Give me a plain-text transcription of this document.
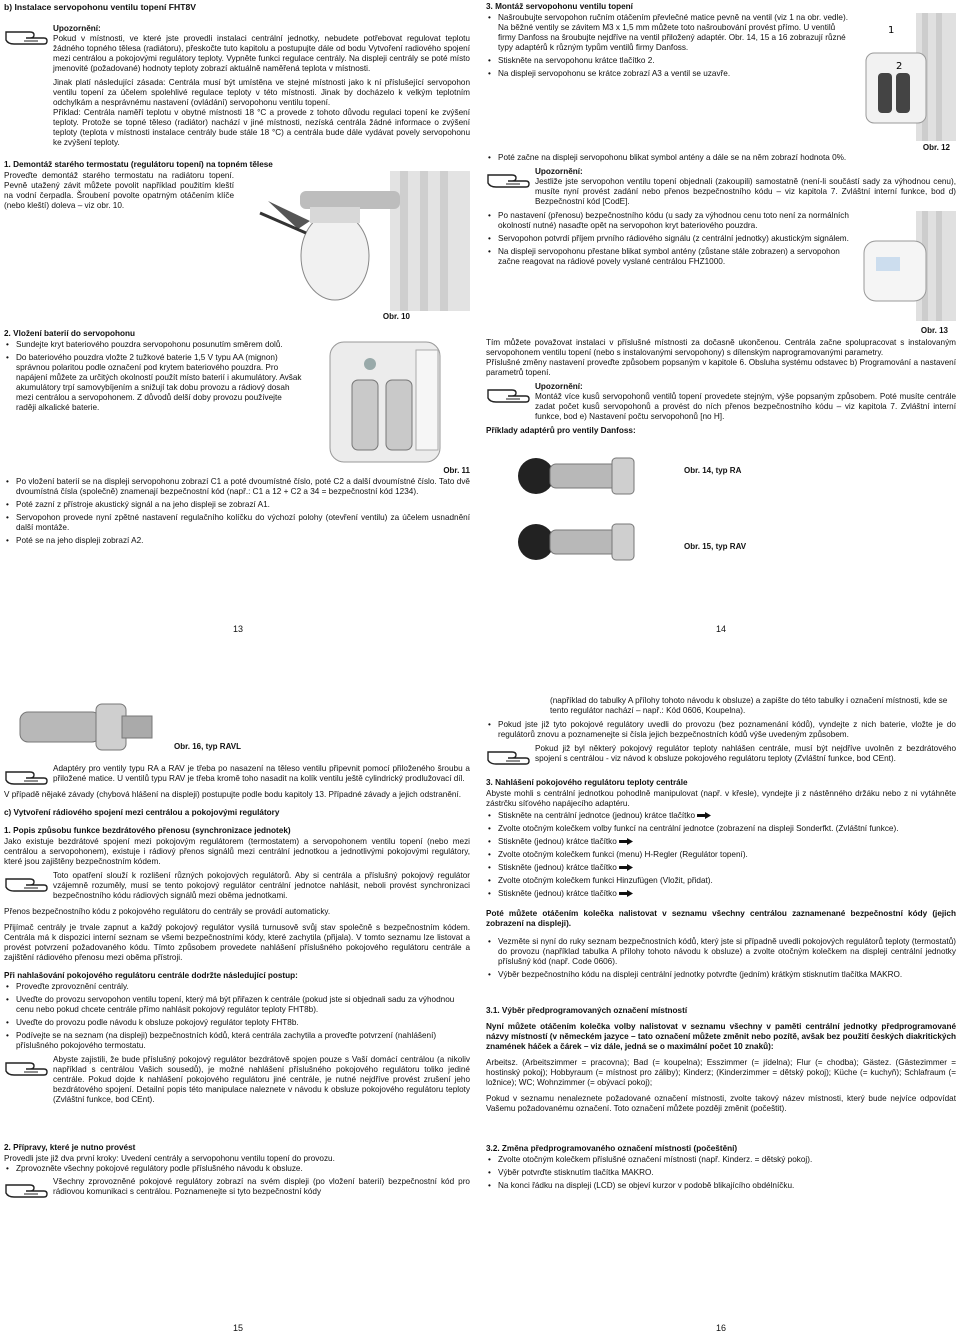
b) Instalace servopohonu ventilu topení FHT8V
Upozornění:

Pokud v místnosti, ve které jste provedli instalaci centrální jednotky, nebudete potřebovat regulovat teplotu žádného topného tělesa (radiátoru), přeskočte tuto kapitolu a postupujte dále od bodu Vytvoření radiového spojení mezi centrálou a pokojovými regulátory teploty. Vypněte funkci regulace centrály. Na displeji centrály se poté místo jmenovité (požadované) hodnoty teploty zobrazí aktuálně naměřená teplota v místnosti.

Jinak platí následující zásada: Centrála musí být umístěna ve stejné místnosti jako k ní příslušející servopohon ventilu topení za účelem spolehlivé regulace teploty v této místnosti. Jinak by docházelo k velkým teplotním odchylkám a nesprávnému nastavení (ovládání) servopohonu ventilu topení.

Příklad: Centrála naměří teplotu v obytné místnosti 18 °C a provede z tohoto důvodu regulaci topení ke zvýšení teploty. Protože se topné těleso (radiátor) nachází v jiné místnosti, nezíská centrála žádné informace o zvýšení teploty (teplota v místnosti instalace centrály bude stále 18 °C) a centrála bude dále vydávat povely servopohonu ke zvýšení teploty.

1. Demontáž starého termostatu (regulátoru topení) na topném tělese

Proveďte demontáž starého termostatu na radiátoru topení. Pevně utažený závit můžete povolit například použitím kleští na vodní čerpadla. Šroubení povolte opatrným otáčením klíče (nebo kleští) doleva – viz obr. 10.

Obr. 10
2. Vložení baterií do servopohonu
• Sundejte kryt bateriového pouzdra servopohonu posunutím směrem dolů.
• Do bateriového pouzdra vložte 2 tužkové baterie 1,5 V typu AA (mignon) správnou polaritou podle označení pod krytem bateriového pouzdra. Pro napájení můžete za určitých okolností použít místo baterií i akumulátory. Avšak akumulátory trpí samovybíjením a snižují tak dobu provozu a rádiový dosah mezi centrálou a servopohonem. Z důvodů delší doby provozu používejte raději alkalické baterie.
Obr. 11
• Po vložení baterií se na displeji servopohonu zobrazí C1 a poté dvoumístné číslo, poté C2 a další dvoumístné číslo. Tato dvě dvoumístná čísla (společně) znamenají bezpečnostní kód (např.: C1 a 12 + C2 a 34 = bezpečnostní kód 1234).
• Poté zazní z přístroje akustický signál a na jeho displeji se zobrazí A1.
• Servopohon provede nyní zpětné nastavení regulačního kolíčku do výchozí polohy (otevření ventilu) za účelem usnadnění další montáže.
• Poté se na jeho displeji zobrazí A2.
13
3. Montáž servopohonu ventilu topení
• Našroubujte servopohon ručním otáčením převlečné matice pevně na ventil (viz 1 na obr. vedle). Na běžné ventily se závitem M3 x 1,5 mm můžete toto našroubování provést přímo. U ventilů firmy Danfoss na šroubujte nejdříve na ventil přiložený adaptér. Obr. 14, 15 a 16 zobrazují různé typy adaptérů k různým typům ventilů firmy Danfoss.
• Stiskněte na servopohonu krátce tlačítko 2.
• Na displeji servopohonu se krátce zobrazí A3 a ventil se uzavře.
1
2
Obr. 12
• Poté začne na displeji servopohonu blikat symbol antény a dále se na něm zobrazí hodnota 0%.
Upozornění:

Jestliže jste servopohon ventilu topení objednali (zakoupili) samostatně (není-li součástí sady za výhodnou cenu), musíte nyní provést zadání nebo přenos bezpečnostního kódu – viz kapitola 7. Zvláštní interní funkce, bod d) Bezpečnostní kód [CodE].

• Po nastavení (přenosu) bezpečnostního kódu (u sady za výhodnou cenu toto není za normálních okolností nutné) nasaďte opět na servopohon kryt bateriového pouzdra.
• Servopohon potvrdí příjem prvního rádiového signálu (z centrální jednotky) akustickým signálem.
• Na displeji servopohonu přestane blikat symbol antény (zůstane stále zobrazen) a servopohon začne reagovat na rádiové povely vyslané centrálou FHZ1000.
Obr. 13

Tím můžete považovat instalaci v příslušné místnosti za dočasně ukončenou. Centrála začne spolupracovat s instalovaným servopohonem ventilu topení (nebo s instalovanými servopohony) s dílenským naprogramovanými parametry.

Příslušné změny nastavení proveďte způsobem popsaným v kapitole 6. Obsluha systému odstavec b) Programování a nastavení parametrů topení.

Upozornění:

Montáž více kusů servopohonů ventilů topení provedete stejným, výše popsaným způsobem. Poté musíte centrále zadat počet kusů servopohonů a provést do ních přenos bezpečnostního kódu – viz kapitola 7. Zvláštní interní funkce, bod e) Nastavení počtu servopohonů [no H].

Příklady adaptérů pro ventily Danfoss:
Obr. 14, typ RA
Obr. 15, typ RAV
14
Obr. 16, typ RAVL

Adaptéry pro ventily typu RA a RAV je třeba po nasazení na těleso ventilu připevnit pomocí přiloženého šroubu a přiložené matice. U ventilů typu RAV je třeba kromě toho nasadit na kolík ventilu ještě cylindrický prodlužovací díl.

V případě nějaké závady (chybová hlášení na displeji) postupujte podle bodu kapitoly 13. Případné závady a jejich odstranění.

c) Vytvoření rádiového spojení mezi centrálou a pokojovými regulátory
1. Popis způsobu funkce bezdrátového přenosu (synchronizace jednotek)

Jako existuje bezdrátové spojení mezi pokojovým regulátorem (termostatem) a servopohonem ventilu topení (nebo mezi centrálou a servopohonem), existuje i rádiový přenos signálů mezi centrální jednotkou a jednotlivými pokojovými regulátory, které jsou zajištěny bezpečnostním kódem.

Toto opatření slouží k rozlišení různých pokojových regulátorů. Aby si centrála a příslušný pokojový regulátor vzájemně rozuměly, musí se tento pokojový regulátor centrální jednotce nahlásit, neboli provést synchronizaci bezpečnostního kódu rádiových signálů mezi oběma jednotkami.

Přenos bezpečnostního kódu z pokojového regulátoru do centrály se provádí automaticky.

Přijímač centrály je trvale zapnut a každý pokojový regulátor vysílá turnusově svůj stav společně s bezpečnostním kódem. Centrála má k dispozici interní seznam se všemi bezpečnostními kódy, které zachytila (přijala). V tomto seznamu lze listovat a provést potvrzení požadovaného kódu. Tímto způsobem provedete nahlášení příslušného pokojového regulátoru centrále a zajištění rádiového přenosu mezi oběma přístroji.

Při nahlašování pokojového regulátoru centrále dodržte následující postup:
• Proveďte zprovoznění centrály.
• Uveďte do provozu servopohon ventilu topení, který má být přiřazen k centrále (pokud jste si objednali sadu za výhodnou cenu nebo pokud chcete centrále přímo nahlásit pokojový regulátor teploty FHT8b).
• Uveďte do provozu podle návodu k obsluze pokojový regulátor teploty FHT8b.
• Podívejte se na seznam (na displeji) bezpečnostních kódů, která centrála zachytila a proveďte potvrzení (nahlášení) příslušného pokojového termostatu.

Abyste zajistili, že bude příslušný pokojový regulátor bezdrátově spojen pouze s Vaší domácí centrálou (a nikoliv například s centrálou Vašich sousedů), je možné nahlášení příslušného pokojového regulátoru toliko jediné centrále. Pokud dojde k nahlášení pokojového regulátoru jiné centrále, je nutné nejdříve provést zrušení jeho bezdrátového spojení. Detailní popis této manipulace naleznete v návodu k obsluze pokojového regulátoru teploty (Zvláštní funkce, bod CEnt).

2. Přípravy, které je nutno provést

Provedli jste již dva první kroky: Uvedení centrály a servopohonu ventilu topení do provozu.

• Zprovozněte všechny pokojové regulátory podle příslušného návodu k obsluze.

Všechny zprovozněné pokojové regulátory zobrazí na svém displeji (po vložení baterií) bezpečnostní kód pro rádiovou komunikaci s centrálou. Poznamenejte si tyto bezpečnostní kódy

15

(například do tabulky A přílohy tohoto návodu k obsluze) a zapište do této tabulky i označení místnosti, kde se tento regulátor nachází – např.: Kód 0606, Koupelna).

• Pokud jste již tyto pokojové regulátory uvedli do provozu (bez poznamenání kódů), vyndejte z nich baterie, vložte je do regulátorů znovu a poznamenejte si čísla jejich bezpečnostních kódů výše uvedeným způsobem.

Pokud již byl některý pokojový regulátor teploty nahlášen centrále, musí být nejdříve uvolněn z bezdrátového spojení s centrálou - viz návod k obsluze pokojového regulátoru teploty (Zvláštní funkce, bod CEnt).

3. Nahlášení pokojového regulátoru teploty centrále

Abyste mohli s centrální jednotkou pohodlně manipulovat (např. v křesle), vyndejte ji z nástěnného držáku nebo z ni vytáhněte zástrčku síťového napájecího adaptéru.

• Stiskněte na centrální jednotce (jednou) krátce tlačítko
• Zvolte otočným kolečkem volby funkcí na centrální jednotce (zobrazení na displeji Sonderfkt. (Zvláštní funkce).
• Stiskněte (jednou) krátce tlačítko
• Zvolte otočným kolečkem funkci (menu) H-Regler (Regulátor topení).
• Stiskněte (jednou) krátce tlačítko
• Zvolte otočným kolečkem funkci Hinzufügen (Vložit, přidat).
• Stiskněte (jednou) krátce tlačítko

Poté můžete otáčením kolečka nalistovat v seznamu všechny centrálou zaznamenané bezpečnostní kódy (jejich zobrazení na displeji).

• Vezměte si nyní do ruky seznam bezpečnostních kódů, který jste si případně uvedli pokojových regulátorů teploty (termostatů) do provozu (například tabulka A přílohy tohoto návodu k obsluze) a zvolte otočným kolečkem na displeji centrální jednotky příslušný kód (např. Code 0606).
• Výběr bezpečnostního kódu na displeji centrální jednotky potvrďte (jedním) krátkým stisknutím tlačítka MAKRO.
3.1. Výběr předprogramovaných označení místností

Nyní můžete otáčením kolečka volby nalistovat v seznamu všechny v paměti centrální jednotky předprogramované názvy místností (v německém jazyce – tato označení můžete změnit nebo pozítě, avšak bez použití českých diakritických znamének háček a čárek – viz dále, jedná se o maximální počet 10 znaků):

Arbeitsz. (Arbeitszimmer = pracovna); Bad (= koupelna); Esszimmer (= jídelna); Flur (= chodba); Gästez. (Gästezimmer = hostinský pokoj); Hobbyraum (= místnost pro záliby); Kinderz; (Kinderzimmer = dětský pokoj); Küche (= kuchyň); Schlafraum (= ložnice); WC; Wohnzimmer (= obývací pokoj);

Pokud v seznamu nenaleznete požadované označení místnosti, zvolte takový název místnosti, který bude nejvíce odpovídat Vašemu požadovanému označení. Toto označení můžete později změnit (počeštit).

3.2. Změna předprogramovaného označení místnosti (počeštění)
• Zvolte otočným kolečkem příslušné označení místnosti (např. Kinderz. = dětský pokoj).
• Výběr potvrďte stisknutím tlačítka MAKRO.
• Na konci řádku na displeji (LCD) se objeví kurzor v podobě blikajícího obdélníčku.
16
